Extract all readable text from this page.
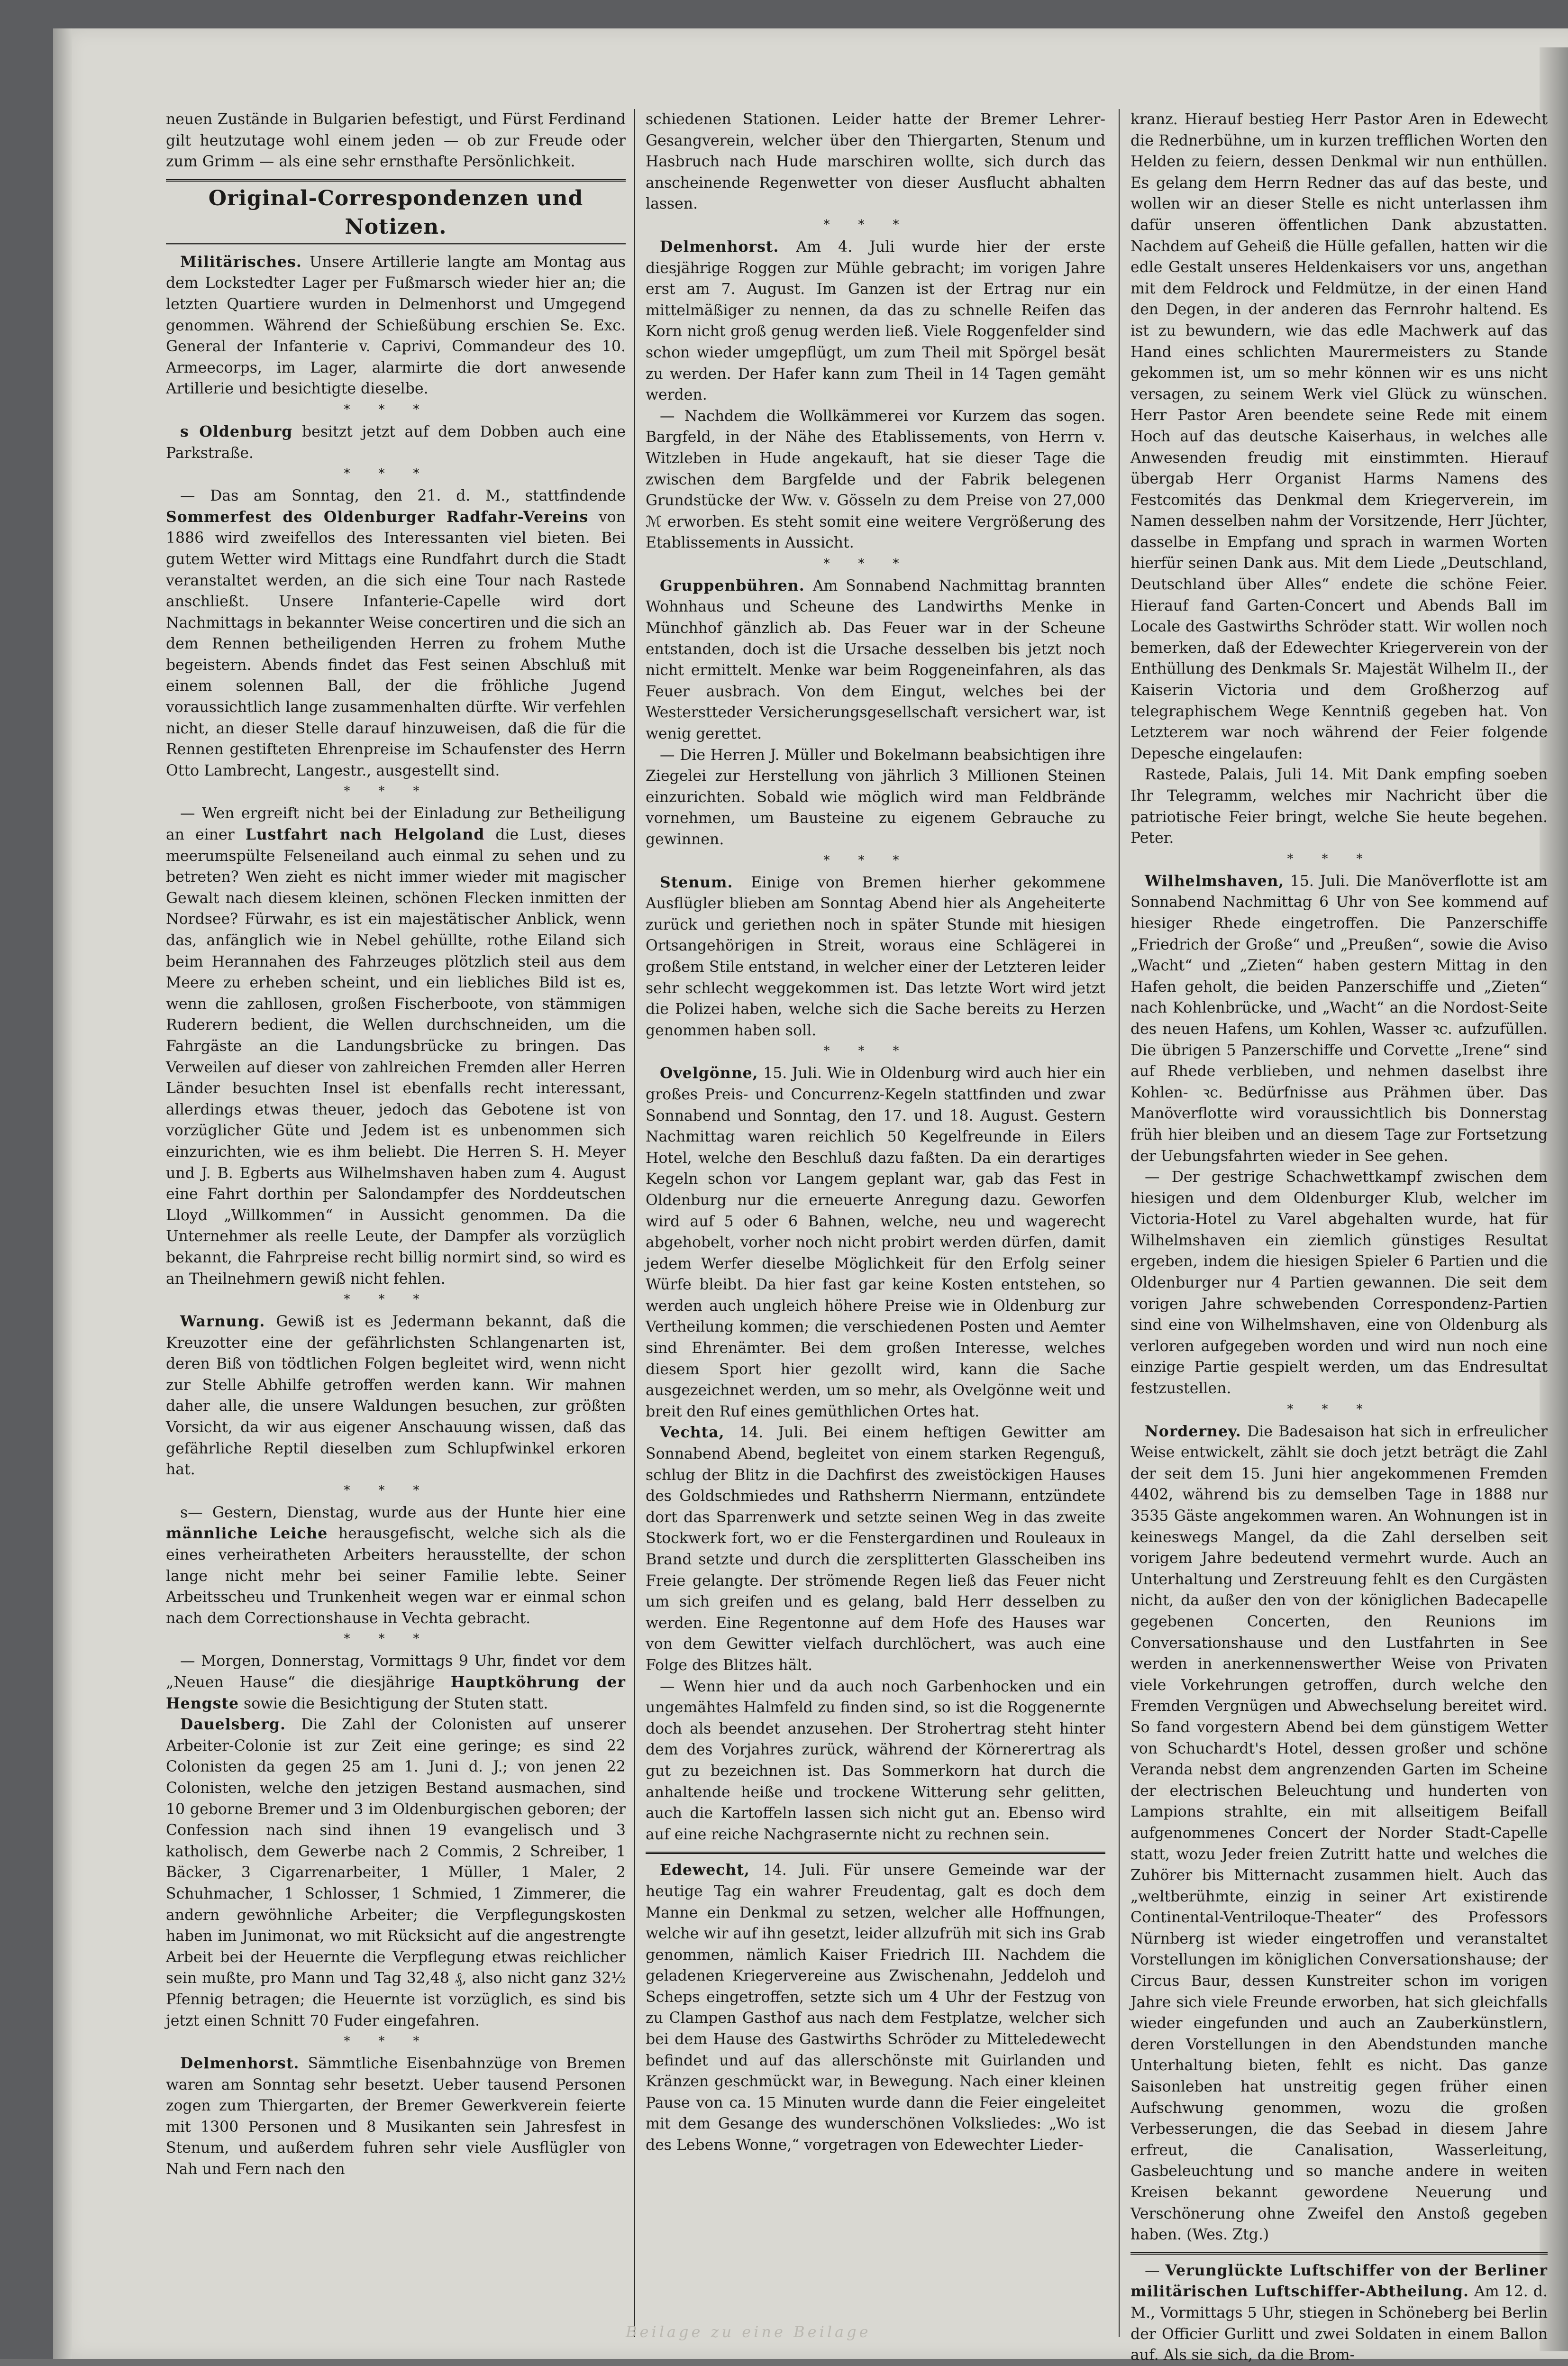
neuen Zustände in Bulgarien befestigt, und Fürst Ferdinand gilt heutzutage wohl einem jeden — ob zur Freude oder zum Grimm — als eine sehr ernsthafte Persönlichkeit.

Original-Correspondenzen und Notizen.

Militärisches. Unsere Artillerie langte am Montag aus dem Lockstedter Lager per Fußmarsch wieder hier an; die letzten Quartiere wurden in Delmenhorst und Umgegend genommen. Während der Schießübung erschien Se. Exc. General der Infanterie v. Caprivi, Commandeur des 10. Armeecorps, im Lager, alarmirte die dort anwesende Artillerie und besichtigte dieselbe.

***

s Oldenburg besitzt jetzt auf dem Dobben auch eine Parkstraße.

***

— Das am Sonntag, den 21. d. M., stattfindende Sommerfest des Oldenburger Radfahr-Vereins von 1886 wird zweifellos des Interessanten viel bieten. Bei gutem Wetter wird Mittags eine Rundfahrt durch die Stadt veranstaltet werden, an die sich eine Tour nach Rastede anschließt. Unsere Infanterie-Capelle wird dort Nachmittags in bekannter Weise concertiren und die sich an dem Rennen betheiligenden Herren zu frohem Muthe begeistern. Abends findet das Fest seinen Abschluß mit einem solennen Ball, der die fröhliche Jugend voraussichtlich lange zusammenhalten dürfte. Wir verfehlen nicht, an dieser Stelle darauf hinzuweisen, daß die für die Rennen gestifteten Ehrenpreise im Schaufenster des Herrn Otto Lambrecht, Langestr., ausgestellt sind.

***

— Wen ergreift nicht bei der Einladung zur Betheiligung an einer Lustfahrt nach Helgoland die Lust, dieses meerumspülte Felseneiland auch einmal zu sehen und zu betreten? Wen zieht es nicht immer wieder mit magischer Gewalt nach diesem kleinen, schönen Flecken inmitten der Nordsee? Fürwahr, es ist ein majestätischer Anblick, wenn das, anfänglich wie in Nebel gehüllte, rothe Eiland sich beim Herannahen des Fahrzeuges plötzlich steil aus dem Meere zu erheben scheint, und ein liebliches Bild ist es, wenn die zahllosen, großen Fischerboote, von stämmigen Ruderern bedient, die Wellen durchschneiden, um die Fahrgäste an die Landungsbrücke zu bringen. Das Verweilen auf dieser von zahlreichen Fremden aller Herren Länder besuchten Insel ist ebenfalls recht interessant, allerdings etwas theuer, jedoch das Gebotene ist von vorzüglicher Güte und Jedem ist es unbenommen sich einzurichten, wie es ihm beliebt. Die Herren S. H. Meyer und J. B. Egberts aus Wilhelmshaven haben zum 4. August eine Fahrt dorthin per Salondampfer des Norddeutschen Lloyd „Willkommen“ in Aussicht genommen. Da die Unternehmer als reelle Leute, der Dampfer als vorzüglich bekannt, die Fahrpreise recht billig normirt sind, so wird es an Theilnehmern gewiß nicht fehlen.

***

Warnung. Gewiß ist es Jedermann bekannt, daß die Kreuzotter eine der gefährlichsten Schlangenarten ist, deren Biß von tödtlichen Folgen begleitet wird, wenn nicht zur Stelle Abhilfe getroffen werden kann. Wir mahnen daher alle, die unsere Waldungen besuchen, zur größten Vorsicht, da wir aus eigener Anschauung wissen, daß das gefährliche Reptil dieselben zum Schlupfwinkel erkoren hat.

***

s— Gestern, Dienstag, wurde aus der Hunte hier eine männliche Leiche herausgefischt, welche sich als die eines verheiratheten Arbeiters herausstellte, der schon lange nicht mehr bei seiner Familie lebte. Seiner Arbeitsscheu und Trunkenheit wegen war er einmal schon nach dem Correctionshause in Vechta gebracht.

***

— Morgen, Donnerstag, Vormittags 9 Uhr, findet vor dem „Neuen Hause“ die diesjährige Hauptköhrung der Hengste sowie die Besichtigung der Stuten statt.

Dauelsberg. Die Zahl der Colonisten auf unserer Arbeiter-Colonie ist zur Zeit eine geringe; es sind 22 Colonisten da gegen 25 am 1. Juni d. J.; von jenen 22 Colonisten, welche den jetzigen Bestand ausmachen, sind 10 geborne Bremer und 3 im Oldenburgischen geboren; der Confession nach sind ihnen 19 evangelisch und 3 katholisch, dem Gewerbe nach 2 Commis, 2 Schreiber, 1 Bäcker, 3 Cigarrenarbeiter, 1 Müller, 1 Maler, 2 Schuhmacher, 1 Schlosser, 1 Schmied, 1 Zimmerer, die andern gewöhnliche Arbeiter; die Verpflegungskosten haben im Junimonat, wo mit Rücksicht auf die angestrengte Arbeit bei der Heuernte die Verpflegung etwas reichlicher sein mußte, pro Mann und Tag 32,48 ₰, also nicht ganz 32½ Pfennig betragen; die Heuernte ist vorzüglich, es sind bis jetzt einen Schnitt 70 Fuder eingefahren.

***

Delmenhorst. Sämmtliche Eisenbahnzüge von Bremen waren am Sonntag sehr besetzt. Ueber tausend Personen zogen zum Thiergarten, der Bremer Gewerkverein feierte mit 1300 Personen und 8 Musikanten sein Jahresfest in Stenum, und außerdem fuhren sehr viele Ausflügler von Nah und Fern nach den

schiedenen Stationen. Leider hatte der Bremer Lehrer-Gesangverein, welcher über den Thiergarten, Stenum und Hasbruch nach Hude marschiren wollte, sich durch das anscheinende Regenwetter von dieser Ausflucht abhalten lassen.

***

Delmenhorst. Am 4. Juli wurde hier der erste diesjährige Roggen zur Mühle gebracht; im vorigen Jahre erst am 7. August. Im Ganzen ist der Ertrag nur ein mittelmäßiger zu nennen, da das zu schnelle Reifen das Korn nicht groß genug werden ließ. Viele Roggenfelder sind schon wieder umgepflügt, um zum Theil mit Spörgel besät zu werden. Der Hafer kann zum Theil in 14 Tagen gemäht werden.

— Nachdem die Wollkämmerei vor Kurzem das sogen. Bargfeld, in der Nähe des Etablissements, von Herrn v. Witzleben in Hude angekauft, hat sie dieser Tage die zwischen dem Bargfelde und der Fabrik belegenen Grundstücke der Ww. v. Gösseln zu dem Preise von 27,000 ℳ erworben. Es steht somit eine weitere Vergrößerung des Etablissements in Aussicht.

***

Gruppenbühren. Am Sonnabend Nachmittag brannten Wohnhaus und Scheune des Landwirths Menke in Münchhof gänzlich ab. Das Feuer war in der Scheune entstanden, doch ist die Ursache desselben bis jetzt noch nicht ermittelt. Menke war beim Roggeneinfahren, als das Feuer ausbrach. Von dem Eingut, welches bei der Westerstteder Versicherungsgesellschaft versichert war, ist wenig gerettet.

— Die Herren J. Müller und Bokelmann beabsichtigen ihre Ziegelei zur Herstellung von jährlich 3 Millionen Steinen einzurichten. Sobald wie möglich wird man Feldbrände vornehmen, um Bausteine zu eigenem Gebrauche zu gewinnen.

***

Stenum. Einige von Bremen hierher gekommene Ausflügler blieben am Sonntag Abend hier als Angeheiterte zurück und geriethen noch in später Stunde mit hiesigen Ortsangehörigen in Streit, woraus eine Schlägerei in großem Stile entstand, in welcher einer der Letzteren leider sehr schlecht weggekommen ist. Das letzte Wort wird jetzt die Polizei haben, welche sich die Sache bereits zu Herzen genommen haben soll.

***

Ovelgönne, 15. Juli. Wie in Oldenburg wird auch hier ein großes Preis- und Concurrenz-Kegeln stattfinden und zwar Sonnabend und Sonntag, den 17. und 18. August. Gestern Nachmittag waren reichlich 50 Kegelfreunde in Eilers Hotel, welche den Beschluß dazu faßten. Da ein derartiges Kegeln schon vor Langem geplant war, gab das Fest in Oldenburg nur die erneuerte Anregung dazu. Geworfen wird auf 5 oder 6 Bahnen, welche, neu und wagerecht abgehobelt, vorher noch nicht probirt werden dürfen, damit jedem Werfer dieselbe Möglichkeit für den Erfolg seiner Würfe bleibt. Da hier fast gar keine Kosten entstehen, so werden auch ungleich höhere Preise wie in Oldenburg zur Vertheilung kommen; die verschiedenen Posten und Aemter sind Ehrenämter. Bei dem großen Interesse, welches diesem Sport hier gezollt wird, kann die Sache ausgezeichnet werden, um so mehr, als Ovelgönne weit und breit den Ruf eines gemüthlichen Ortes hat.

Vechta, 14. Juli. Bei einem heftigen Gewitter am Sonnabend Abend, begleitet von einem starken Regenguß, schlug der Blitz in die Dachfirst des zweistöckigen Hauses des Goldschmiedes und Rathsherrn Niermann, entzündete dort das Sparrenwerk und setzte seinen Weg in das zweite Stockwerk fort, wo er die Fenstergardinen und Rouleaux in Brand setzte und durch die zersplitterten Glasscheiben ins Freie gelangte. Der strömende Regen ließ das Feuer nicht um sich greifen und es gelang, bald Herr desselben zu werden. Eine Regentonne auf dem Hofe des Hauses war von dem Gewitter vielfach durchlöchert, was auch eine Folge des Blitzes hält.

— Wenn hier und da auch noch Garbenhocken und ein ungemähtes Halmfeld zu finden sind, so ist die Roggenernte doch als beendet anzusehen. Der Strohertrag steht hinter dem des Vorjahres zurück, während der Körnerertrag als gut zu bezeichnen ist. Das Sommerkorn hat durch die anhaltende heiße und trockene Witterung sehr gelitten, auch die Kartoffeln lassen sich nicht gut an. Ebenso wird auf eine reiche Nachgrasernte nicht zu rechnen sein.

Edewecht, 14. Juli. Für unsere Gemeinde war der heutige Tag ein wahrer Freudentag, galt es doch dem Manne ein Denkmal zu setzen, welcher alle Hoffnungen, welche wir auf ihn gesetzt, leider allzufrüh mit sich ins Grab genommen, nämlich Kaiser Friedrich III. Nachdem die geladenen Kriegervereine aus Zwischenahn, Jeddeloh und Scheps eingetroffen, setzte sich um 4 Uhr der Festzug von zu Clampen Gasthof aus nach dem Festplatze, welcher sich bei dem Hause des Gastwirths Schröder zu Mitteledewecht befindet und auf das allerschönste mit Guirlanden und Kränzen geschmückt war, in Bewegung. Nach einer kleinen Pause von ca. 15 Minuten wurde dann die Feier eingeleitet mit dem Gesange des wunderschönen Volksliedes: „Wo ist des Lebens Wonne,“ vorgetragen von Edewechter Lieder-

kranz. Hierauf bestieg Herr Pastor Aren in Edewecht die Rednerbühne, um in kurzen trefflichen Worten den Helden zu feiern, dessen Denkmal wir nun enthüllen. Es gelang dem Herrn Redner das auf das beste, und wollen wir an dieser Stelle es nicht unterlassen ihm dafür unseren öffentlichen Dank abzustatten. Nachdem auf Geheiß die Hülle gefallen, hatten wir die edle Gestalt unseres Heldenkaisers vor uns, angethan mit dem Feldrock und Feldmütze, in der einen Hand den Degen, in der anderen das Fernrohr haltend. Es ist zu bewundern, wie das edle Machwerk auf das Hand eines schlichten Maurermeisters zu Stande gekommen ist, um so mehr können wir es uns nicht versagen, zu seinem Werk viel Glück zu wünschen. Herr Pastor Aren beendete seine Rede mit einem Hoch auf das deutsche Kaiserhaus, in welches alle Anwesenden freudig mit einstimmten. Hierauf übergab Herr Organist Harms Namens des Festcomités das Denkmal dem Kriegerverein, im Namen desselben nahm der Vorsitzende, Herr Jüchter, dasselbe in Empfang und sprach in warmen Worten hierfür seinen Dank aus. Mit dem Liede „Deutschland, Deutschland über Alles“ endete die schöne Feier. Hierauf fand Garten-Concert und Abends Ball im Locale des Gastwirths Schröder statt. Wir wollen noch bemerken, daß der Edewechter Kriegerverein von der Enthüllung des Denkmals Sr. Majestät Wilhelm II., der Kaiserin Victoria und dem Großherzog auf telegraphischem Wege Kenntniß gegeben hat. Von Letzterem war noch während der Feier folgende Depesche eingelaufen:

Rastede, Palais, Juli 14. Mit Dank empfing soeben Ihr Telegramm, welches mir Nachricht über die patriotische Feier bringt, welche Sie heute begehen. Peter.

***

Wilhelmshaven, 15. Juli. Die Manöverflotte ist am Sonnabend Nachmittag 6 Uhr von See kommend auf hiesiger Rhede eingetroffen. Die Panzerschiffe „Friedrich der Große“ und „Preußen“, sowie die Aviso „Wacht“ und „Zieten“ haben gestern Mittag in den Hafen geholt, die beiden Panzerschiffe und „Zieten“ nach Kohlenbrücke, und „Wacht“ an die Nordost-Seite des neuen Hafens, um Kohlen, Wasser ꝛc. aufzufüllen. Die übrigen 5 Panzerschiffe und Corvette „Irene“ sind auf Rhede verblieben, und nehmen daselbst ihre Kohlen- ꝛc. Bedürfnisse aus Prähmen über. Das Manöverflotte wird voraussichtlich bis Donnerstag früh hier bleiben und an diesem Tage zur Fortsetzung der Uebungsfahrten wieder in See gehen.

— Der gestrige Schachwettkampf zwischen dem hiesigen und dem Oldenburger Klub, welcher im Victoria-Hotel zu Varel abgehalten wurde, hat für Wilhelmshaven ein ziemlich günstiges Resultat ergeben, indem die hiesigen Spieler 6 Partien und die Oldenburger nur 4 Partien gewannen. Die seit dem vorigen Jahre schwebenden Correspondenz-Partien sind eine von Wilhelmshaven, eine von Oldenburg als verloren aufgegeben worden und wird nun noch eine einzige Partie gespielt werden, um das Endresultat festzustellen.

***

Norderney. Die Badesaison hat sich in erfreulicher Weise entwickelt, zählt sie doch jetzt beträgt die Zahl der seit dem 15. Juni hier angekommenen Fremden 4402, während bis zu demselben Tage in 1888 nur 3535 Gäste angekommen waren. An Wohnungen ist in keineswegs Mangel, da die Zahl derselben seit vorigem Jahre bedeutend vermehrt wurde. Auch an Unterhaltung und Zerstreuung fehlt es den Curgästen nicht, da außer den von der königlichen Badecapelle gegebenen Concerten, den Reunions im Conversationshause und den Lustfahrten in See werden in anerkennenswerther Weise von Privaten viele Vorkehrungen getroffen, durch welche den Fremden Vergnügen und Abwechselung bereitet wird. So fand vorgestern Abend bei dem günstigem Wetter von Schuchardt's Hotel, dessen großer und schöne Veranda nebst dem angrenzenden Garten im Scheine der electrischen Beleuchtung und hunderten von Lampions strahlte, ein mit allseitigem Beifall aufgenommenes Concert der Norder Stadt-Capelle statt, wozu Jeder freien Zutritt hatte und welches die Zuhörer bis Mitternacht zusammen hielt. Auch das „weltberühmte, einzig in seiner Art existirende Continental-Ventriloque-Theater“ des Professors Nürnberg ist wieder eingetroffen und veranstaltet Vorstellungen im königlichen Conversationshause; der Circus Baur, dessen Kunstreiter schon im vorigen Jahre sich viele Freunde erworben, hat sich gleichfalls wieder eingefunden und auch an Zauberkünstlern, deren Vorstellungen in den Abendstunden manche Unterhaltung bieten, fehlt es nicht. Das ganze Saisonleben hat unstreitig gegen früher einen Aufschwung genommen, wozu die großen Verbesserungen, die das Seebad in diesem Jahre erfreut, die Canalisation, Wasserleitung, Gasbeleuchtung und so manche andere in weiten Kreisen bekannt gewordene Neuerung und Verschönerung ohne Zweifel den Anstoß gegeben haben. (Wes. Ztg.)

— Verunglückte Luftschiffer von der Berliner militärischen Luftschiffer-Abtheilung. Am 12. d. M., Vormittags 5 Uhr, stiegen in Schöneberg bei Berlin der Officier Gurlitt und zwei Soldaten in einem Ballon auf. Als sie sich, da die Brom-

Beilage zu eine Beilage
